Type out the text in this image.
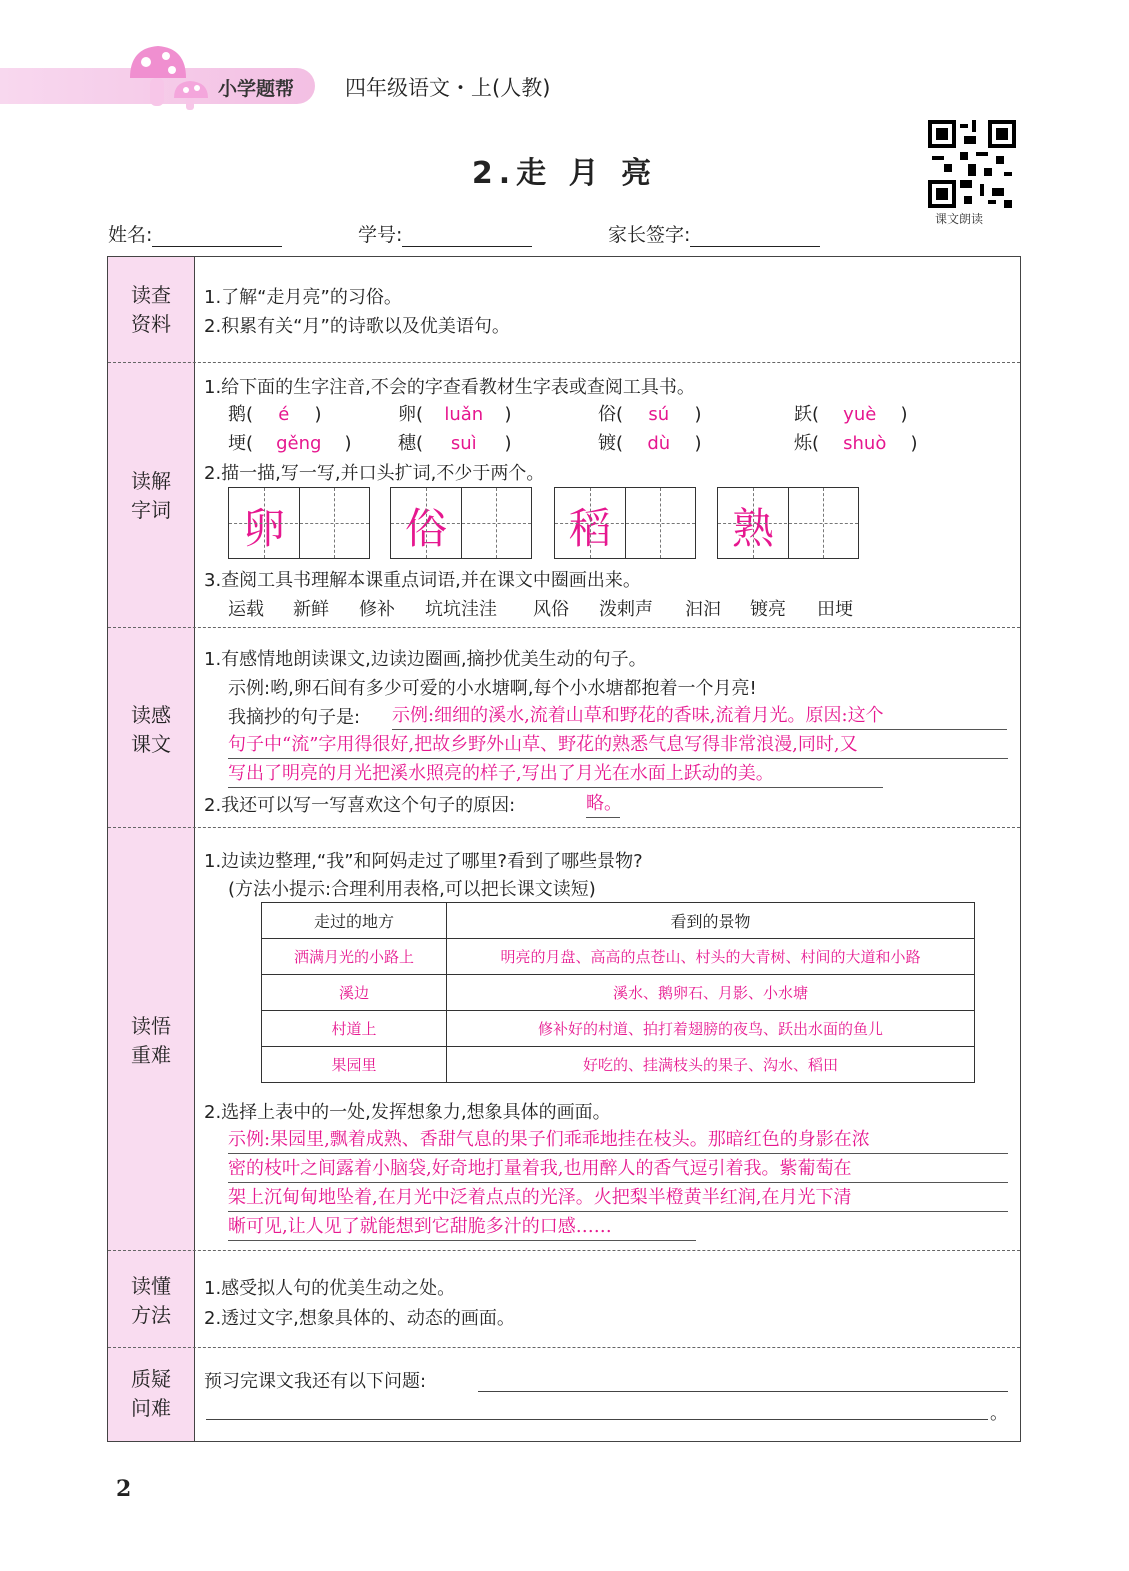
小学题帮 四年级语文・上(人教)
2.走 月 亮
课文朗读
姓名:	学号:	家长签字:
读查
资料
1.了解“走月亮”的习俗。
2.积累有关“月”的诗歌以及优美语句。
读解
字词
1.给下面的生字注音,不会的字查看教材生字表或查阅工具书。
鹅( é )	卵( luǎn )	俗( sú )	跃( yuè )
埂( gěng )	穗( suì )	镀( dù )	烁( shuò )
2.描一描,写一写,并口头扩词,不少于两个。
卵	俗	稻	熟
3.查阅工具书理解本课重点词语,并在课文中圈画出来。
运载 新鲜 修补 坑坑洼洼 风俗 泼剌声 汩汩 镀亮 田埂
读感
课文
1.有感情地朗读课文,边读边圈画,摘抄优美生动的句子。
示例:哟,卵石间有多少可爱的小水塘啊,每个小水塘都抱着一个月亮!
我摘抄的句子是: 示例:细细的溪水,流着山草和野花的香味,流着月光。原因:这个
句子中“流”字用得很好,把故乡野外山草、野花的熟悉气息写得非常浪漫,同时,又
写出了明亮的月光把溪水照亮的样子,写出了月光在水面上跃动的美。
2.我还可以写一写喜欢这个句子的原因:	略。
读悟
重难
1.边读边整理,“我”和阿妈走过了哪里?看到了哪些景物?
(方法小提示:合理利用表格,可以把长课文读短)
走过的地方	看到的景物
洒满月光的小路上	明亮的月盘、高高的点苍山、村头的大青树、村间的大道和小路
溪边	溪水、鹅卵石、月影、小水塘
村道上	修补好的村道、拍打着翅膀的夜鸟、跃出水面的鱼儿
果园里	好吃的、挂满枝头的果子、沟水、稻田
2.选择上表中的一处,发挥想象力,想象具体的画面。
示例:果园里,飘着成熟、香甜气息的果子们乖乖地挂在枝头。那暗红色的身影在浓
密的枝叶之间露着小脑袋,好奇地打量着我,也用醉人的香气逗引着我。紫葡萄在
架上沉甸甸地坠着,在月光中泛着点点的光泽。火把梨半橙黄半红润,在月光下清
晰可见,让人见了就能想到它甜脆多汁的口感……
读懂
方法
1.感受拟人句的优美生动之处。
2.透过文字,想象具体的、动态的画面。
质疑
问难
预习完课文我还有以下问题:
。
2
